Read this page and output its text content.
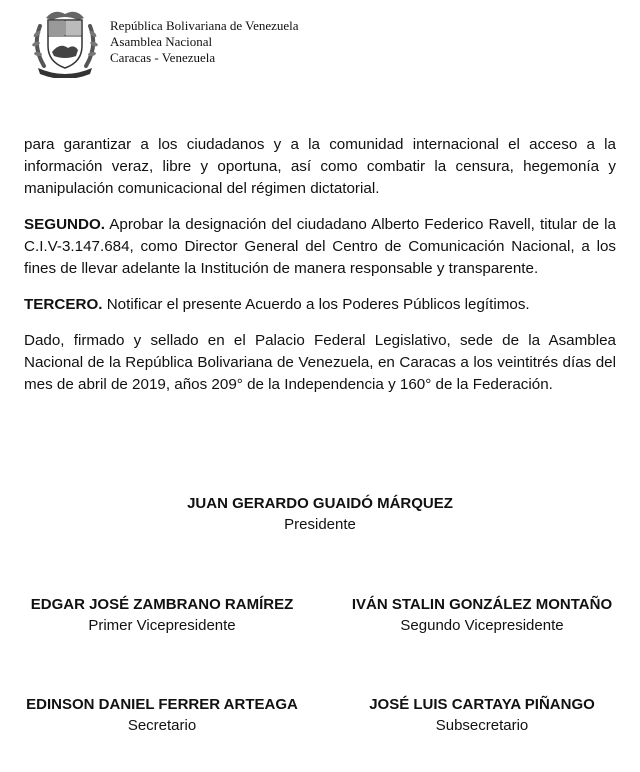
República Bolivariana de Venezuela
Asamblea Nacional
Caracas - Venezuela

para garantizar a los ciudadanos y a la comunidad internacional el acceso a la información veraz, libre y oportuna, así como combatir la censura, hegemonía y manipulación comunicacional del régimen dictatorial.

SEGUNDO. Aprobar la designación del ciudadano Alberto Federico Ravell, titular de la C.I.V-3.147.684, como Director General del Centro de Comunicación Nacional, a los fines de llevar adelante la Institución de manera responsable y transparente.

TERCERO. Notificar el presente Acuerdo a los Poderes Públicos legítimos.

Dado, firmado y sellado en el Palacio Federal Legislativo, sede de la Asamblea Nacional de la República Bolivariana de Venezuela, en Caracas a los veintitrés días del mes de abril de 2019, años 209° de la Independencia y 160° de la Federación.

JUAN GERARDO GUAIDÓ MÁRQUEZ
Presidente
EDGAR JOSÉ ZAMBRANO RAMÍREZ
Primer Vicepresidente
IVÁN STALIN GONZÁLEZ MONTAÑO
Segundo Vicepresidente
EDINSON DANIEL FERRER ARTEAGA
Secretario
JOSÉ LUIS CARTAYA PIÑANGO
Subsecretario
